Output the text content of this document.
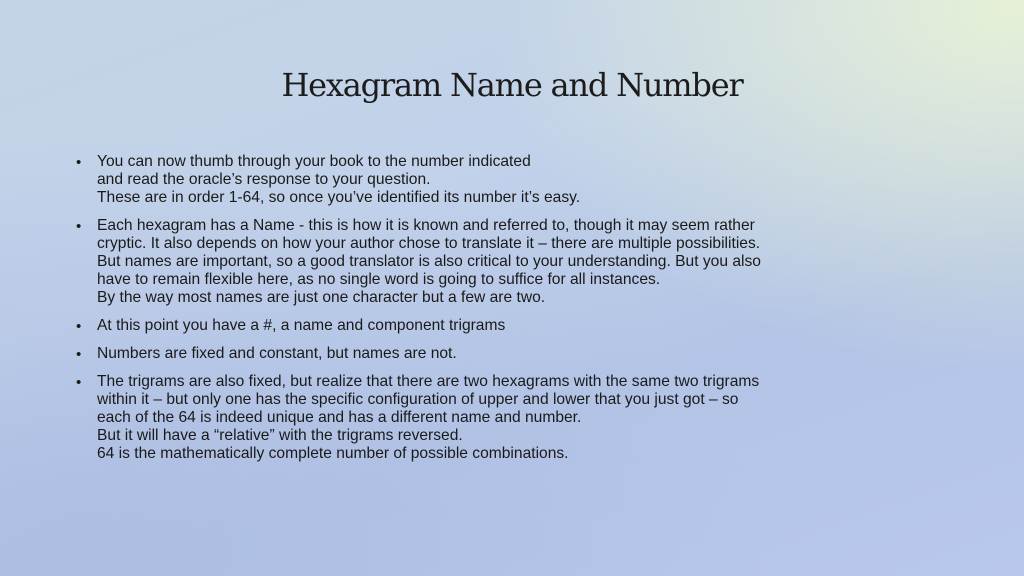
Hexagram Name and Number
• You can now thumb through your book to the number indicated
and read the oracle’s response to your question.
These are in order 1-64, so once you’ve identified its number it’s easy.
• Each hexagram has a Name - this is how it is known and referred to, though it may seem rather
cryptic. It also depends on how your author chose to translate it – there are multiple possibilities.
But names are important, so a good translator is also critical to your understanding. But you also
have to remain flexible here, as no single word is going to suffice for all instances.
By the way most names are just one character but a few are two.
• At this point you have a #, a name and component trigrams
• Numbers are fixed and constant, but names are not.
• The trigrams are also fixed, but realize that there are two hexagrams with the same two trigrams
within it – but only one has the specific configuration of upper and lower that you just got – so
each of the 64 is indeed unique and has a different name and number.
But it will have a “relative” with the trigrams reversed.
64 is the mathematically complete number of possible combinations.
